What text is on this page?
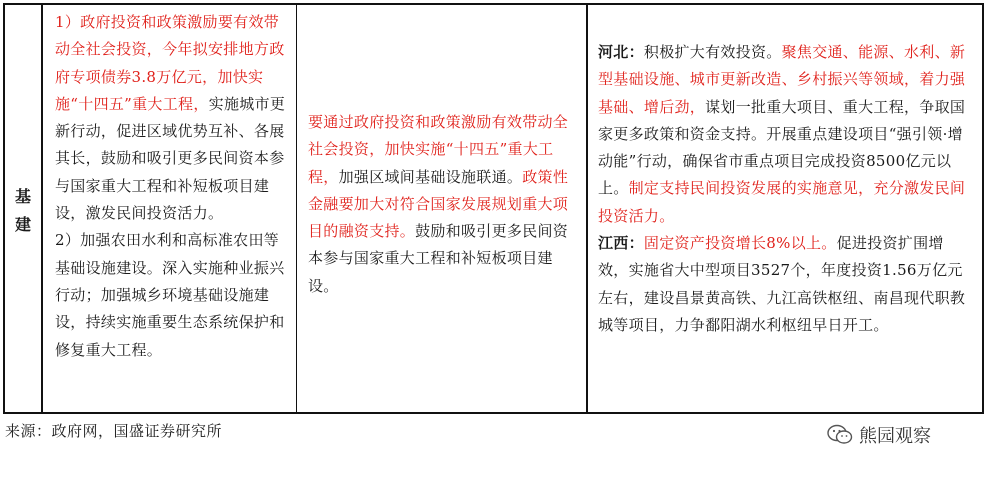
基
建
1）政府投资和政策激励要有效带动全社会投资，今年拟安排地方政府专项债券3.8万亿元，加快实施“十四五”重大工程，实施城市更新行动，促进区域优势互补、各展其长，鼓励和吸引更多民间资本参与国家重大工程和补短板项目建设，激发民间投资活力。
2）加强农田水利和高标准农田等基础设施建设。深入实施种业振兴行动；加强城乡环境基础设施建设，持续实施重要生态系统保护和修复重大工程。
要通过政府投资和政策激励有效带动全社会投资，加快实施“十四五”重大工程，加强区域间基础设施联通。政策性金融要加大对符合国家发展规划重大项目的融资支持。鼓励和吸引更多民间资本参与国家重大工程和补短板项目建设。
河北：积极扩大有效投资。聚焦交通、能源、水利、新型基础设施、城市更新改造、乡村振兴等领域，着力强基础、增后劲，谋划一批重大项目、重大工程，争取国家更多政策和资金支持。开展重点建设项目“强引领·增动能”行动，确保省市重点项目完成投资8500亿元以上。制定支持民间投资发展的实施意见，充分激发民间投资活力。
江西：固定资产投资增长8%以上。促进投资扩围增效，实施省大中型项目3527个，年度投资1.56万亿元左右，建设昌景黄高铁、九江高铁枢纽、南昌现代职教城等项目，力争鄱阳湖水利枢纽早日开工。
来源：政府网，国盛证券研究所	熊园观察
